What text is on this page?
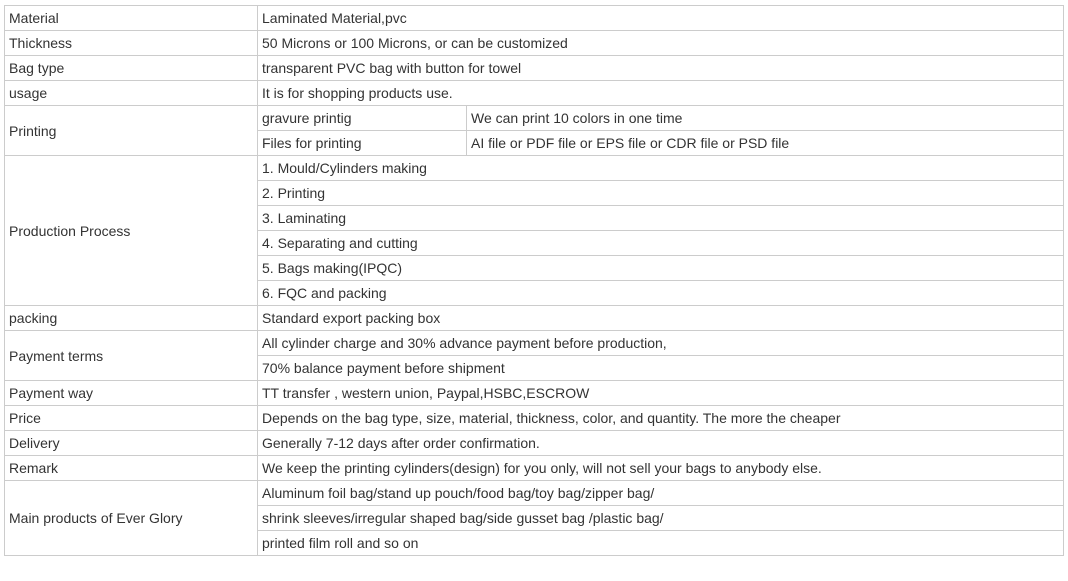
Material	Laminated Material,pvc	
Thickness	50 Microns or 100 Microns, or can be customized	
Bag type	transparent PVC bag with button for towel	
usage	It is for shopping products use.	
Printing	gravure printig	We can print 10 colors in one time
	Files for printing	AI file or PDF file or EPS file or CDR file or PSD file
Production Process	1. Mould/Cylinders making	
	2. Printing	
	3. Laminating	
	4. Separating and cutting	
	5. Bags making(IPQC)	
	6. FQC and packing	
packing	Standard export packing box	
Payment terms	All cylinder charge and 30% advance payment before production,	
	70% balance payment before shipment	
Payment way	TT transfer , western union, Paypal,HSBC,ESCROW	
Price	Depends on the bag type, size, material, thickness, color, and quantity. The more the cheaper	
Delivery	Generally 7-12 days after order confirmation.	
Remark	We keep the printing cylinders(design) for you only, will not sell your bags to anybody else.	
Main products of Ever Glory	Aluminum foil bag/stand up pouch/food bag/toy bag/zipper bag/	
	shrink sleeves/irregular shaped bag/side gusset bag /plastic bag/	
	printed film roll and so on	
